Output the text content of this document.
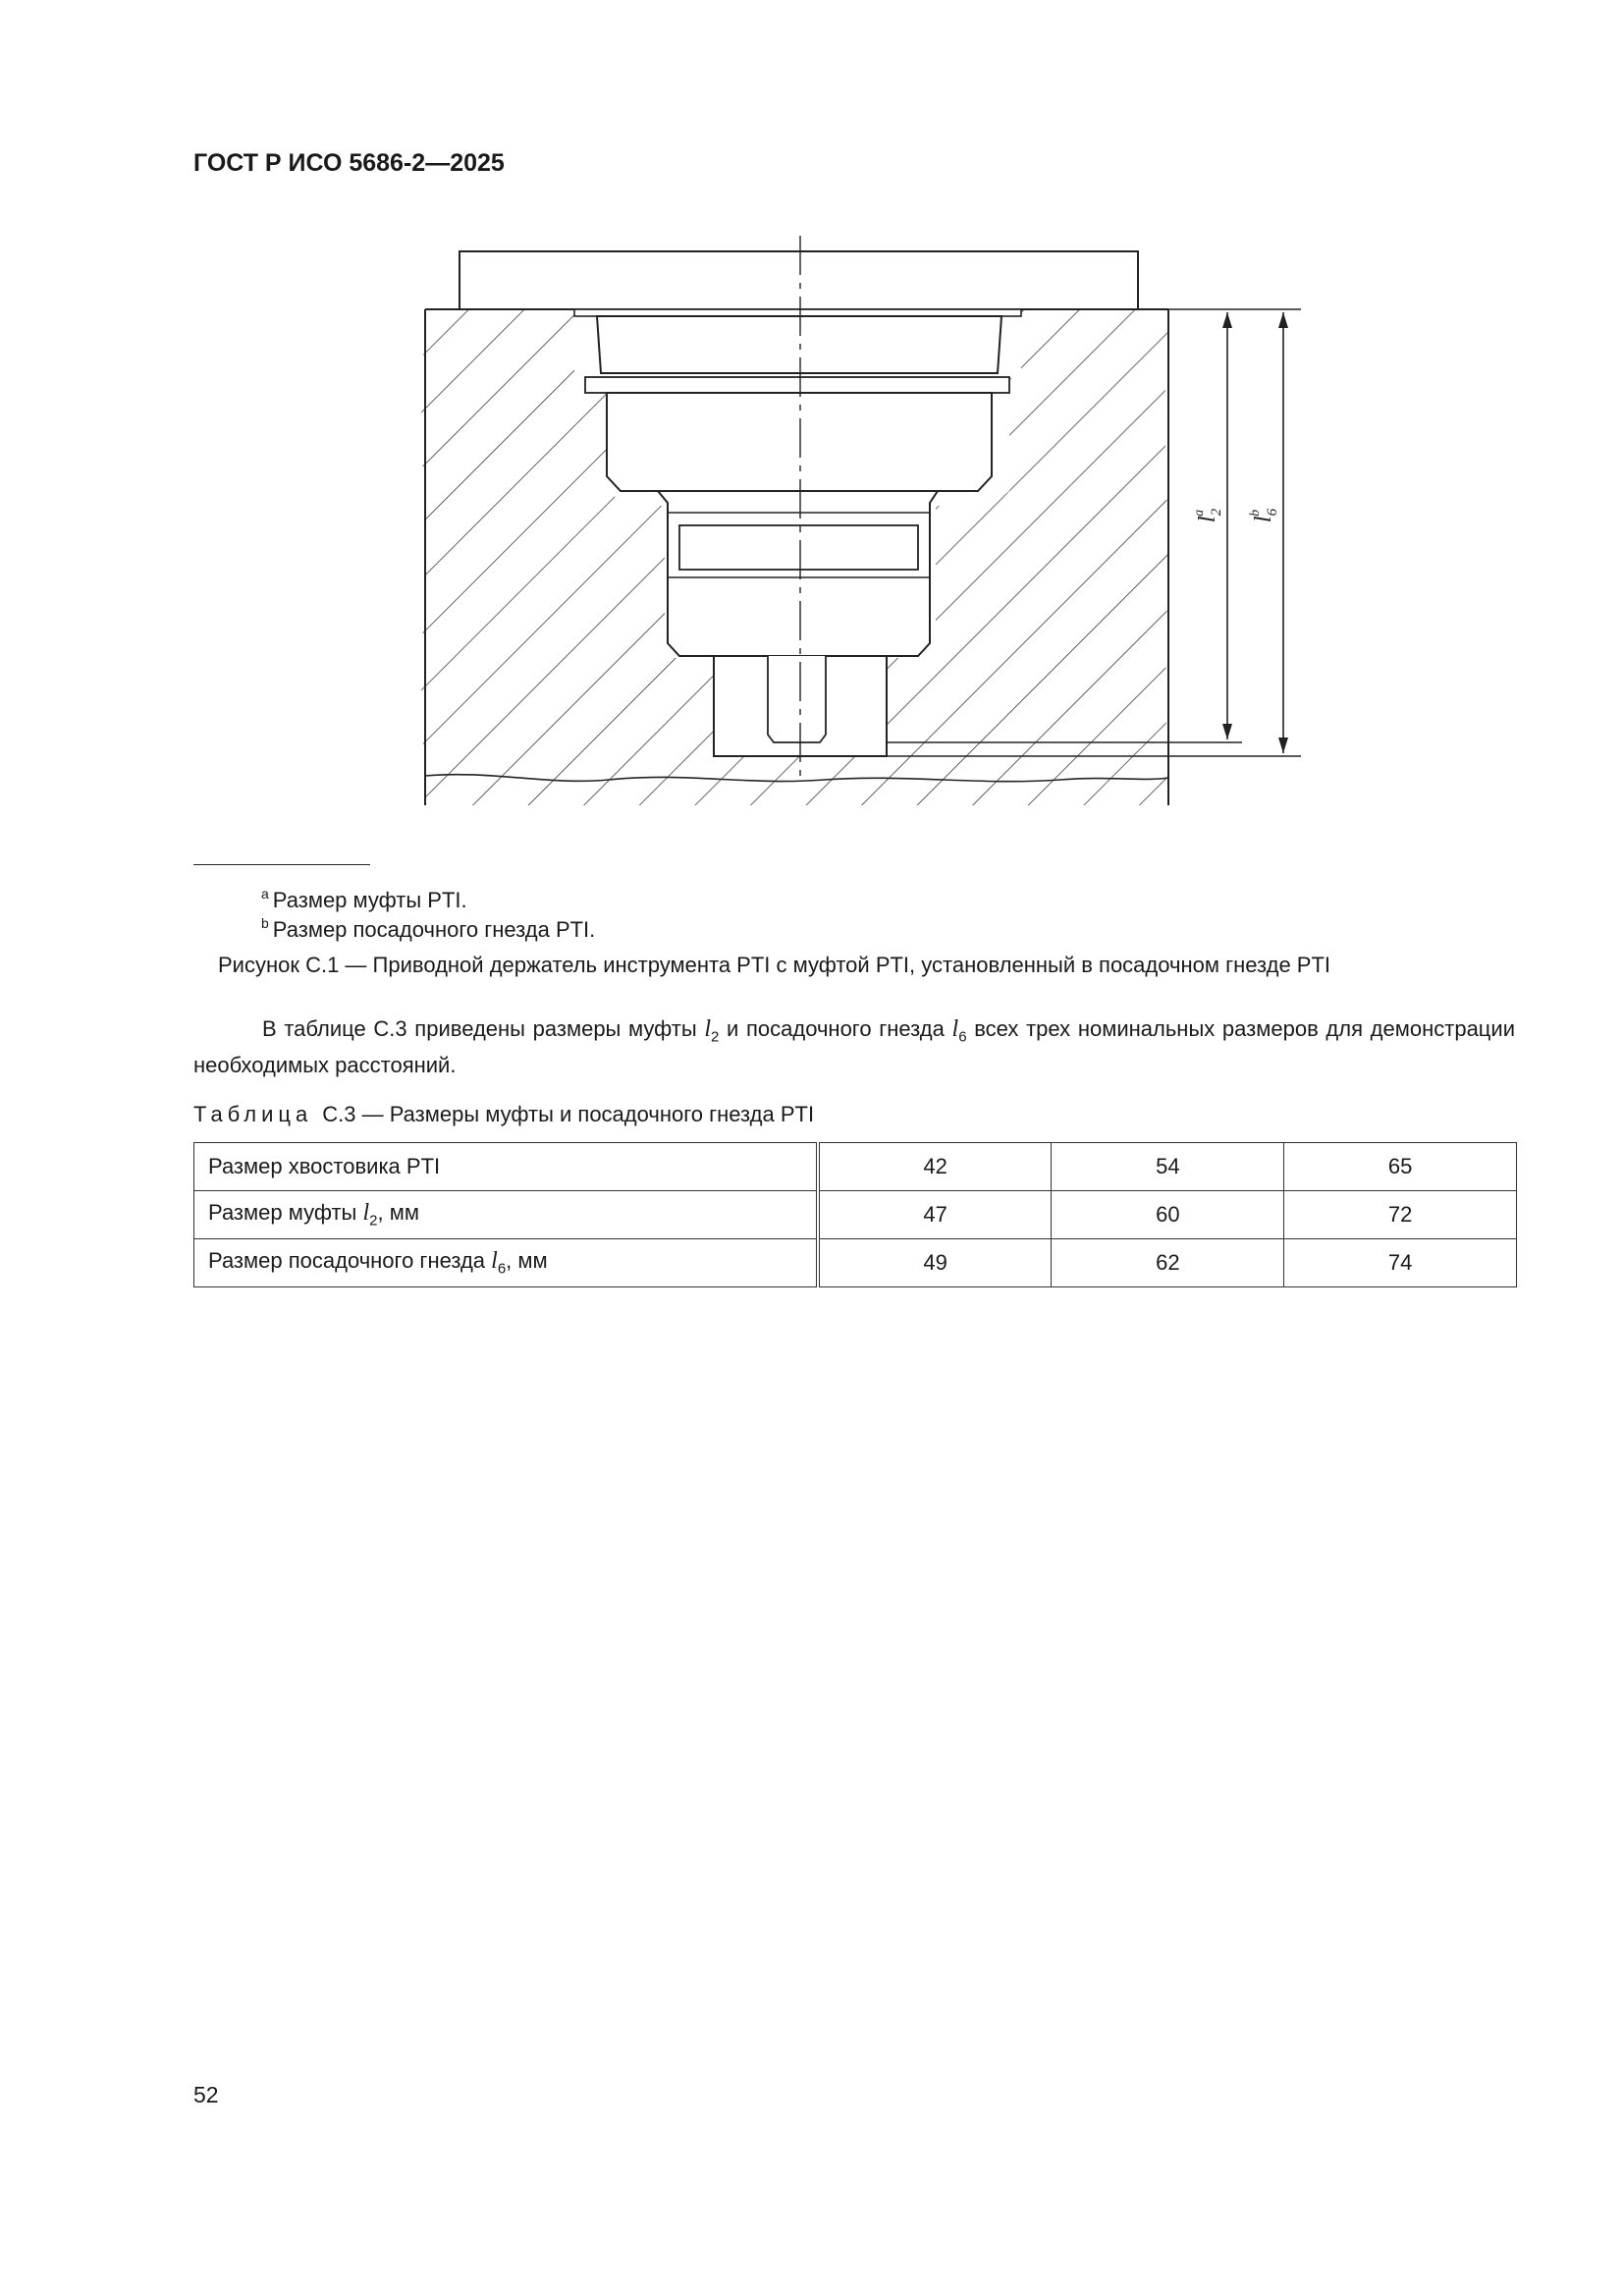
ГОСТ Р ИСО 5686-2—2025
$l_2a$
$l_6b$
$^a$ Размер муфты PTI.
$^b$ Размер посадочного гнезда PTI.
Рисунок С.1 — Приводной держатель инструмента PTI с муфтой PTI, установленный в посадочном гнезде PTI
В таблице С.3 приведены размеры муфты $l_2$ и посадочного гнезда $l_6$ всех трех номинальных размеров для демонстрации необходимых расстояний.
Таблица С.3 — Размеры муфты и посадочного гнезда PTI
Размер хвостовика PTI	42	54	65
Размер муфты $l_2$, мм	47	60	72
Размер посадочного гнезда $l_6$, мм	49	62	74
52
